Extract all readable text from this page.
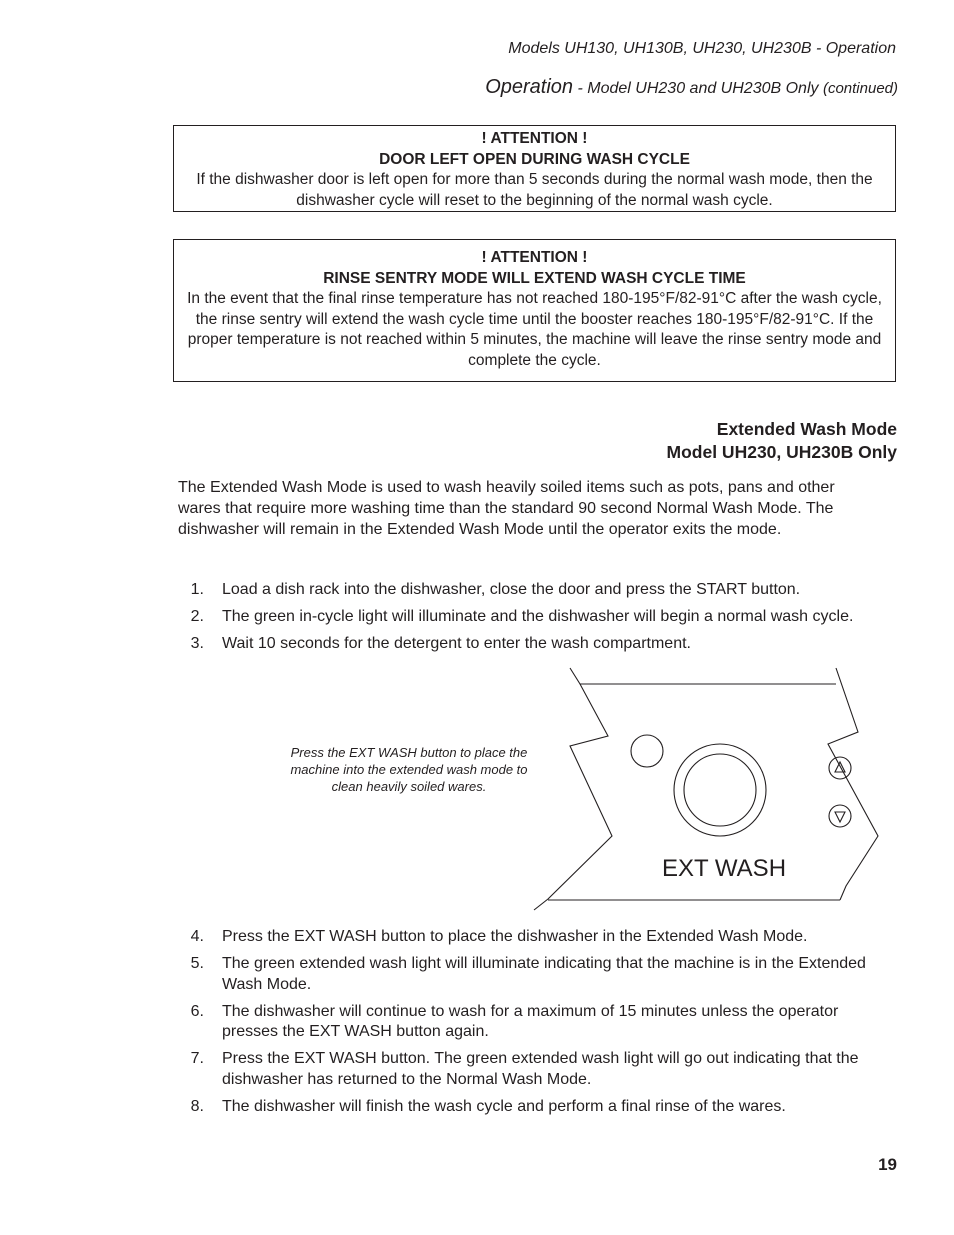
Models UH130, UH130B, UH230, UH230B - Operation
Operation - Model UH230 and UH230B Only (continued)
! ATTENTION !
DOOR LEFT OPEN DURING WASH CYCLE
If the dishwasher door is left open for more than 5 seconds during the normal wash mode, then the dishwasher cycle will reset to the beginning of the normal wash cycle.
! ATTENTION !
RINSE SENTRY MODE WILL EXTEND WASH CYCLE TIME
In the event that the final rinse temperature has not reached 180-195°F/82-91°C after the wash cycle, the rinse sentry will extend the wash cycle time until the booster reaches 180-195°F/82-91°C. If the proper temperature is not reached within 5 minutes, the machine will leave the rinse sentry mode and complete the cycle.
Extended Wash Mode
Model UH230, UH230B Only
The Extended Wash Mode is used to wash heavily soiled items such as pots, pans and other wares that require more washing time than the standard 90 second Normal Wash Mode. The dishwasher will remain in the Extended Wash Mode until the operator exits the mode.
1. Load a dish rack into the dishwasher, close the door and press the START button.
2. The green in-cycle light will illuminate and the dishwasher will begin a normal wash cycle.
3. Wait 10 seconds for the detergent to enter the wash compartment.
Press the EXT WASH button to place the machine into the extended wash mode to clean heavily soiled wares.
EXT WASH
4. Press the EXT WASH button to place the dishwasher in the Extended Wash Mode.
5. The green extended wash light will illuminate indicating that the machine is in the Extended Wash Mode.
6. The dishwasher will continue to wash for a maximum of 15 minutes unless the operator presses the EXT WASH button again.
7. Press the EXT WASH button. The green extended wash light will go out indicating that the dishwasher has returned to the Normal Wash Mode.
8. The dishwasher will finish the wash cycle and perform a final rinse of the wares.
19
